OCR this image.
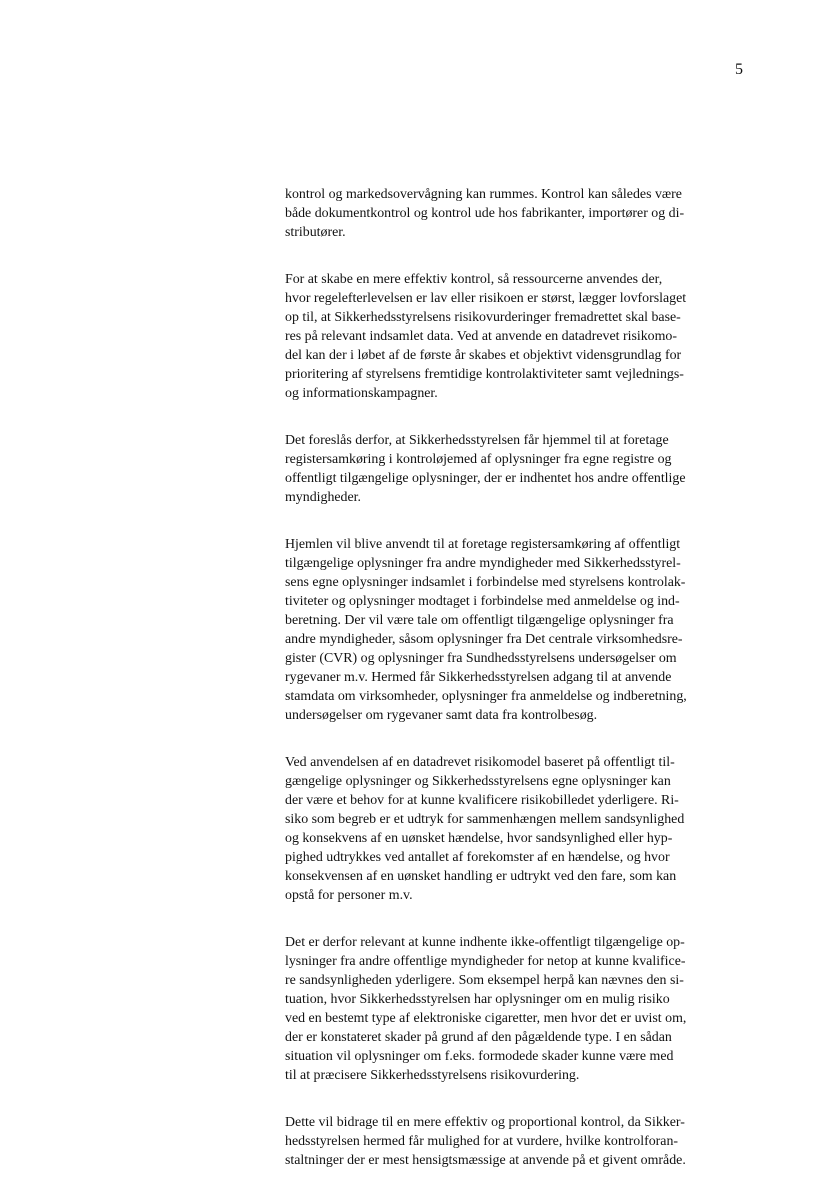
5

kontrol og markedsovervågning kan rummes. Kontrol kan således være
både dokumentkontrol og kontrol ude hos fabrikanter, importører og di-
stributører.

For at skabe en mere effektiv kontrol, så ressourcerne anvendes der,
hvor regelefterlevelsen er lav eller risikoen er størst, lægger lovforslaget
op til, at Sikkerhedsstyrelsens risikovurderinger fremadrettet skal base-
res på relevant indsamlet data. Ved at anvende en datadrevet risikomo-
del kan der i løbet af de første år skabes et objektivt vidensgrundlag for
prioritering af styrelsens fremtidige kontrolaktiviteter samt vejlednings-
og informationskampagner.

Det foreslås derfor, at Sikkerhedsstyrelsen får hjemmel til at foretage
registersamkøring i kontroløjemed af oplysninger fra egne registre og
offentligt tilgængelige oplysninger, der er indhentet hos andre offentlige
myndigheder.

Hjemlen vil blive anvendt til at foretage registersamkøring af offentligt
tilgængelige oplysninger fra andre myndigheder med Sikkerhedsstyrel-
sens egne oplysninger indsamlet i forbindelse med styrelsens kontrolak-
tiviteter og oplysninger modtaget i forbindelse med anmeldelse og ind-
beretning. Der vil være tale om offentligt tilgængelige oplysninger fra
andre myndigheder, såsom oplysninger fra Det centrale virksomhedsre-
gister (CVR) og oplysninger fra Sundhedsstyrelsens undersøgelser om
rygevaner m.v. Hermed får Sikkerhedsstyrelsen adgang til at anvende
stamdata om virksomheder, oplysninger fra anmeldelse og indberetning,
undersøgelser om rygevaner samt data fra kontrolbesøg.

Ved anvendelsen af en datadrevet risikomodel baseret på offentligt til-
gængelige oplysninger og Sikkerhedsstyrelsens egne oplysninger kan
der være et behov for at kunne kvalificere risikobilledet yderligere. Ri-
siko som begreb er et udtryk for sammenhængen mellem sandsynlighed
og konsekvens af en uønsket hændelse, hvor sandsynlighed eller hyp-
pighed udtrykkes ved antallet af forekomster af en hændelse, og hvor
konsekvensen af en uønsket handling er udtrykt ved den fare, som kan
opstå for personer m.v.

Det er derfor relevant at kunne indhente ikke-offentligt tilgængelige op-
lysninger fra andre offentlige myndigheder for netop at kunne kvalifice-
re sandsynligheden yderligere. Som eksempel herpå kan nævnes den si-
tuation, hvor Sikkerhedsstyrelsen har oplysninger om en mulig risiko
ved en bestemt type af elektroniske cigaretter, men hvor det er uvist om,
der er konstateret skader på grund af den pågældende type. I en sådan
situation vil oplysninger om f.eks. formodede skader kunne være med
til at præcisere Sikkerhedsstyrelsens risikovurdering.

Dette vil bidrage til en mere effektiv og proportional kontrol, da Sikker-
hedsstyrelsen hermed får mulighed for at vurdere, hvilke kontrolforan-
staltninger der er mest hensigtsmæssige at anvende på et givent område.
